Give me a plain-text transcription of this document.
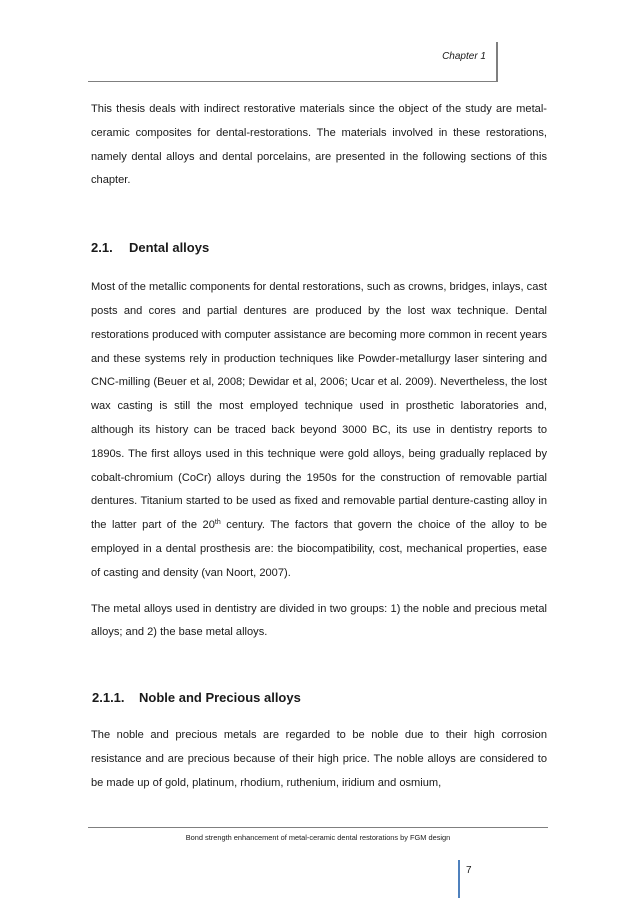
Chapter 1

This thesis deals with indirect restorative materials since the object of the study are metal-ceramic composites for dental-restorations. The materials involved in these restorations, namely dental alloys and dental porcelains, are presented in the following sections of this chapter.

2.1. Dental alloys

Most of the metallic components for dental restorations, such as crowns, bridges, inlays, cast posts and cores and partial dentures are produced by the lost wax technique. Dental restorations produced with computer assistance are becoming more common in recent years and these systems rely in production techniques like Powder-metallurgy laser sintering and CNC-milling (Beuer et al, 2008; Dewidar et al, 2006; Ucar et al. 2009). Nevertheless, the lost wax casting is still the most employed technique used in prosthetic laboratories and, although its history can be traced back beyond 3000 BC, its use in dentistry reports to 1890s. The first alloys used in this technique were gold alloys, being gradually replaced by cobalt-chromium (CoCr) alloys during the 1950s for the construction of removable partial dentures. Titanium started to be used as fixed and removable partial denture-casting alloy in the latter part of the 20th century. The factors that govern the choice of the alloy to be employed in a dental prosthesis are: the biocompatibility, cost, mechanical properties, ease of casting and density (van Noort, 2007).

The metal alloys used in dentistry are divided in two groups: 1) the noble and precious metal alloys; and 2) the base metal alloys.

2.1.1. Noble and Precious alloys

The noble and precious metals are regarded to be noble due to their high corrosion resistance and are precious because of their high price. The noble alloys are considered to be made up of gold, platinum, rhodium, ruthenium, iridium and osmium,

Bond strength enhancement of metal-ceramic dental restorations by FGM design
7
